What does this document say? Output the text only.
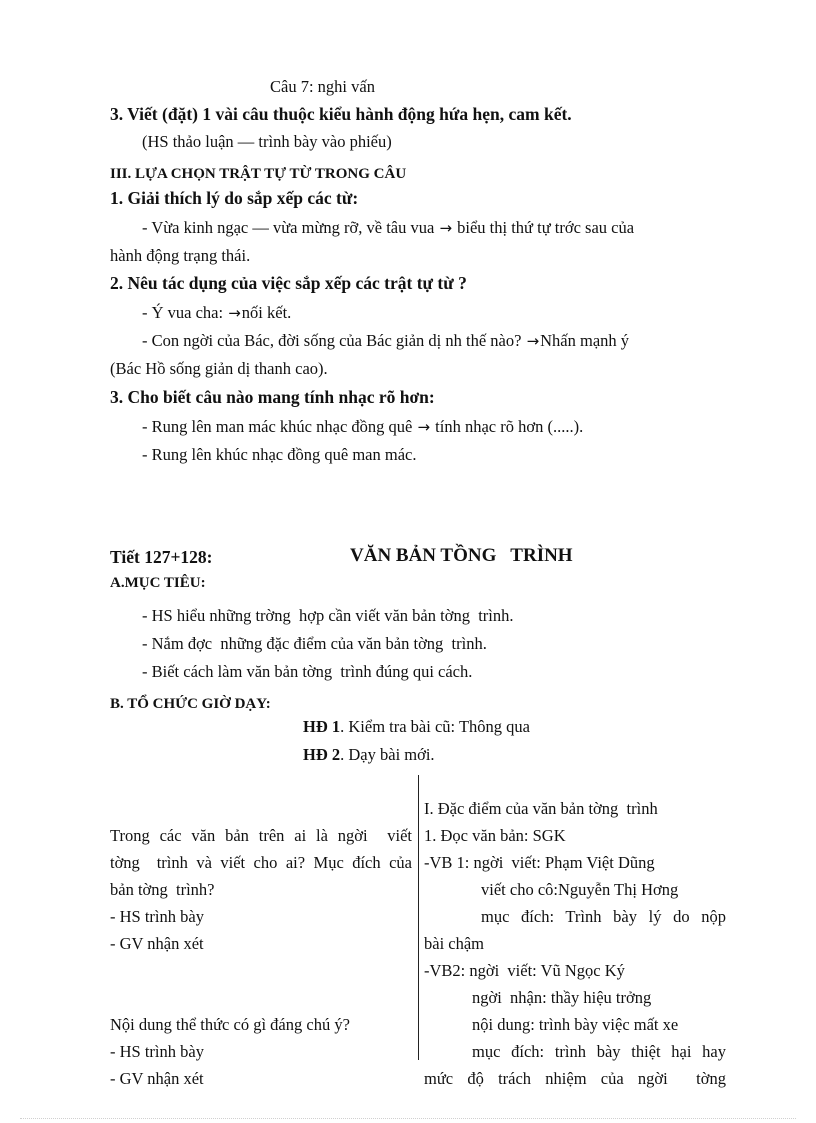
Câu 7: nghi vấn
3. Viết (đặt) 1 vài câu thuộc kiểu hành động hứa hẹn, cam kết.
(HS thảo luận — trình bày vào phiếu)
III. LỰA CHỌN TRẬT TỰ TỪ TRONG CÂU
1. Giải thích lý do sắp xếp các từ:
- Vừa kinh ngạc — vừa mừng rỡ, về tâu vua → biểu thị thứ tự trớc sau của
hành động trạng thái.
2. Nêu tác dụng của việc sắp xếp các trật tự từ ?
- Ý vua cha: →nối kết.
- Con ngời của Bác, đời sống của Bác giản dị nh thế nào? →Nhấn mạnh ý
(Bác Hồ sống giản dị thanh cao).
3. Cho biết câu nào mang tính nhạc rõ hơn:
- Rung lên man mác khúc nhạc đồng quê → tính nhạc rõ hơn (.....).
- Rung lên khúc nhạc đồng quê man mác.
Tiết 127+128:	VĂN BẢN TỒNG   TRÌNH
A.MỤC TIÊU:
- HS hiểu những trờng  hợp cần viết văn bản tờng  trình.
- Nắm đợc  những đặc điểm của văn bản tờng  trình.
- Biết cách làm văn bản tờng  trình đúng qui cách.
B. TỔ CHỨC GIỜ DẠY:
HĐ 1. Kiểm tra bài cũ: Thông qua
HĐ 2. Dạy bài mới.
Trong các văn bản trên ai là ngời  viết
tờng  trình và viết cho ai? Mục đích của
bản tờng  trình?
- HS trình bày
- GV nhận xét
Nội dung thể thức có gì đáng chú ý?
- HS trình bày
- GV nhận xét
I. Đặc điểm của văn bản tờng  trình
1. Đọc văn bản: SGK
-VB 1: ngời  viết: Phạm Việt Dũng
viết cho cô:Nguyễn Thị Hơng
mục đích: Trình bày lý do nộp
bài chậm
-VB2: ngời  viết: Vũ Ngọc Ký
ngời  nhận: thầy hiệu trởng
nội dung: trình bày việc mất xe
mục đích: trình bày thiệt hại hay
mức độ trách nhiệm của ngời  tờng
